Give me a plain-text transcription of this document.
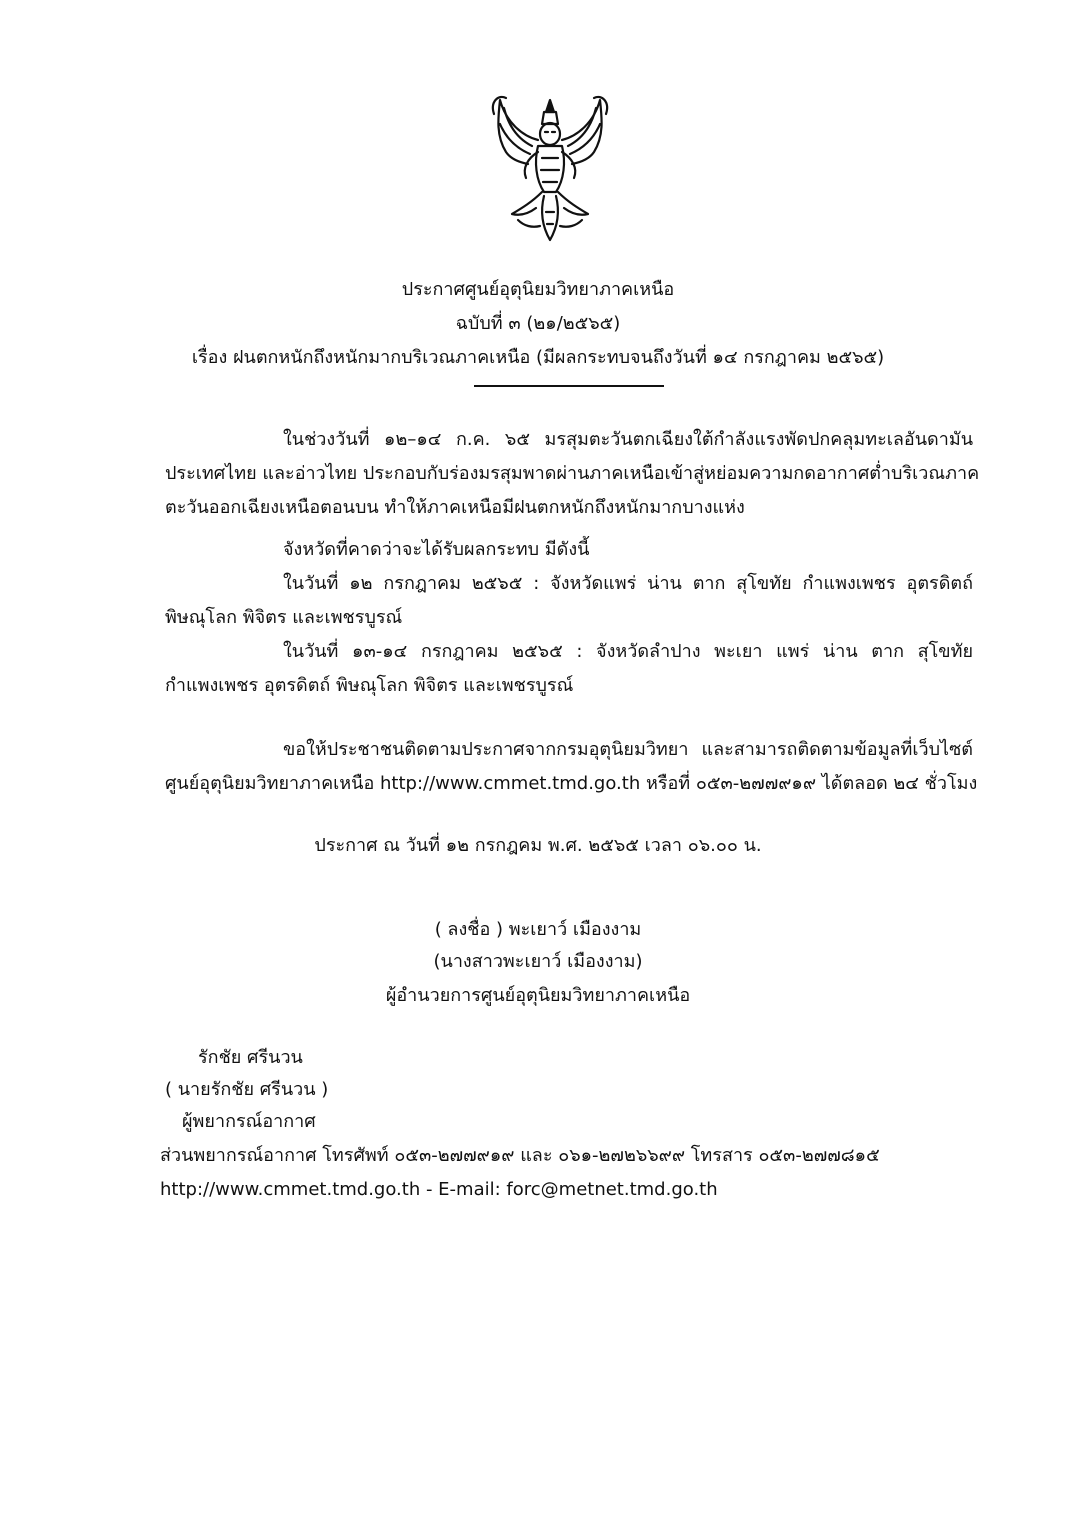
ประกาศศูนย์อุตุนิยมวิทยาภาคเหนือ
ฉบับที่ ๓ (๒๑/๒๕๖๕)
เรื่อง ฝนตกหนักถึงหนักมากบริเวณภาคเหนือ (มีผลกระทบจนถึงวันที่ ๑๔ กรกฎาคม ๒๕๖๕)
ในช่วงวันที่ ๑๒–๑๔ ก.ค. ๖๕ มรสุมตะวันตกเฉียงใต้กำลังแรงพัดปกคลุมทะเลอันดามัน
ประเทศไทย และอ่าวไทย ประกอบกับร่องมรสุมพาดผ่านภาคเหนือเข้าสู่หย่อมความกดอากาศต่ำบริเวณภาค
ตะวันออกเฉียงเหนือตอนบน ทำให้ภาคเหนือมีฝนตกหนักถึงหนักมากบางแห่ง
จังหวัดที่คาดว่าจะได้รับผลกระทบ มีดังนี้
ในวันที่ ๑๒ กรกฎาคม ๒๕๖๕ : จังหวัดแพร่ น่าน ตาก สุโขทัย กำแพงเพชร อุตรดิตถ์
พิษณุโลก พิจิตร และเพชรบูรณ์
ในวันที่ ๑๓-๑๔ กรกฎาคม ๒๕๖๕ : จังหวัดลำปาง พะเยา แพร่ น่าน ตาก สุโขทัย
กำแพงเพชร อุตรดิตถ์ พิษณุโลก พิจิตร และเพชรบูรณ์
ขอให้ประชาชนติดตามประกาศจากกรมอุตุนิยมวิทยา และสามารถติดตามข้อมูลที่เว็บไซต์
ศูนย์อุตุนิยมวิทยาภาคเหนือ http://www.cmmet.tmd.go.th หรือที่ ๐๕๓-๒๗๗๙๑๙ ได้ตลอด ๒๔ ชั่วโมง
ประกาศ ณ วันที่ ๑๒ กรกฎคม พ.ศ. ๒๕๖๕ เวลา ๐๖.๐๐ น.
( ลงชื่อ ) พะเยาว์ เมืองงาม
(นางสาวพะเยาว์ เมืองงาม)
ผู้อำนวยการศูนย์อุตุนิยมวิทยาภาคเหนือ
รักชัย ศรีนวน
( นายรักชัย ศรีนวน )
ผู้พยากรณ์อากาศ
ส่วนพยากรณ์อากาศ โทรศัพท์ ๐๕๓-๒๗๗๙๑๙ และ ๐๖๑-๒๗๒๖๖๙๙ โทรสาร ๐๕๓-๒๗๗๘๑๕
http://www.cmmet.tmd.go.th - E-mail: forc@metnet.tmd.go.th
